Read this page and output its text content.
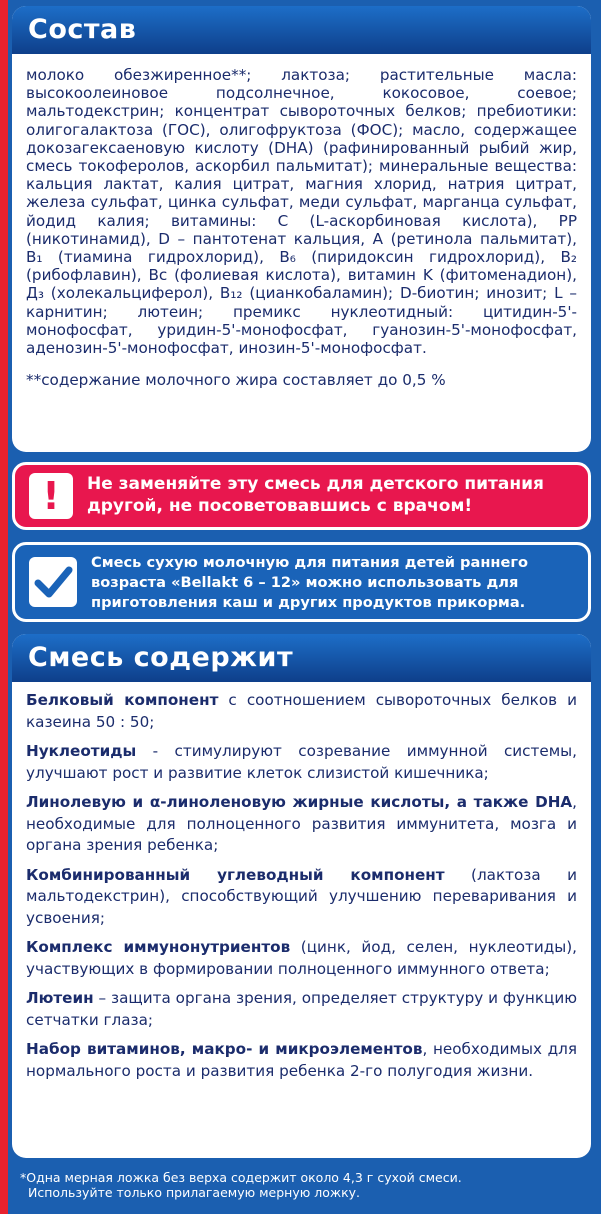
Состав

молоко обезжиренное**; лактоза; растительные масла: высокоолеиновое подсолнечное, кокосовое, соевое; мальтодекстрин; концентрат сывороточных белков; пребиотики: олигогалактоза (ГОС), олигофруктоза (ФОС); масло, содержащее докозагексаеновую кислоту (DHA) (рафинированный рыбий жир, смесь токоферолов, аскорбил пальмитат); минеральные вещества: кальция лактат, калия цитрат, магния хлорид, натрия цитрат, железа сульфат, цинка сульфат, меди сульфат, марганца сульфат, йодид калия; витамины: С (L-аскорбиновая кислота), РР (никотинамид), D – пантотенат кальция, А (ретинола пальмитат), B₁ (тиамина гидрохлорид), B₆ (пиридоксин гидрохлорид), B₂ (рибофлавин), Bc (фолиевая кислота), витамин K (фитоменадион), Д₃ (холекальциферол), B₁₂ (цианкобаламин); D-биотин; инозит; L – карнитин; лютеин; премикс нуклеотидный: цитидин-5'-монофосфат, уридин-5'-монофосфат, гуанозин-5'-монофосфат, аденозин-5'-монофосфат, инозин-5'-монофосфат.

**содержание молочного жира составляет до 0,5 %

!	Не заменяйте эту смесь для детского питания другой, не посоветовавшись с врачом!
Смесь сухую молочную для питания детей раннего возраста «Bellakt 6 – 12» можно использовать для приготовления каш и других продуктов прикорма.
Смесь содержит

Белковый компонент с соотношением сывороточных белков и казеина 50 : 50;

Нуклеотиды - стимулируют созревание иммунной системы, улучшают рост и развитие клеток слизистой кишечника;

Линолевую и α-линоленовую жирные кислоты, а также DHA, необходимые для полноценного развития иммунитета, мозга и органа зрения ребенка;

Комбинированный углеводный компонент (лактоза и мальтодекстрин), способствующий улучшению переваривания и усвоения;

Комплекс иммунонутриентов (цинк, йод, селен, нуклеотиды), участвующих в формировании полноценного иммунного ответа;

Лютеин – защита органа зрения, определяет структуру и функцию сетчатки глаза;

Набор витаминов, макро- и микроэлементов, необходимых для нормального роста и развития ребенка 2-го полугодия жизни.

*Одна мерная ложка без верха содержит около 4,3 г сухой смеси.
Используйте только прилагаемую мерную ложку.
